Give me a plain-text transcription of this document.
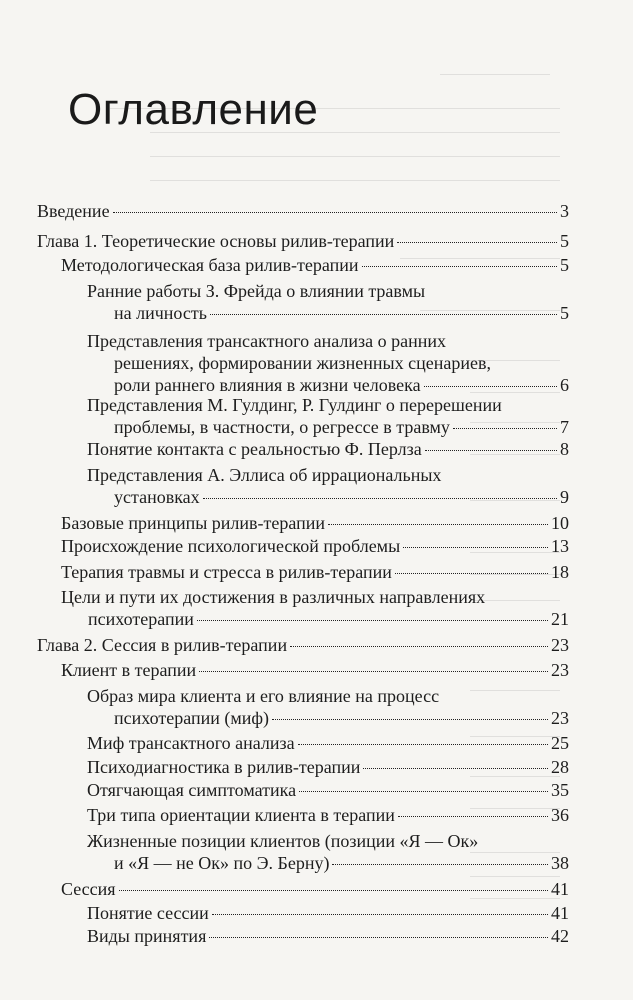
Оглавление
Введение	3
Глава 1. Теоретические основы рилив-терапии	5
Методологическая база рилив-терапии	5
Ранние работы З. Фрейда о влиянии травмы
на личность	5
Представления трансактного анализа о ранних
решениях, формировании жизненных сценариев,
роли раннего влияния в жизни человека	6
Представления М. Гулдинг, Р. Гулдинг о перерешении
проблемы, в частности, о регрессе в травму	7
Понятие контакта с реальностью Ф. Перлза	8
Представления А. Эллиса об иррациональных
установках	9
Базовые принципы рилив-терапии	10
Происхождение психологической проблемы	13
Терапия травмы и стресса в рилив-терапии	18
Цели и пути их достижения в различных направлениях
психотерапии	21
Глава 2. Сессия в рилив-терапии	23
Клиент в терапии	23
Образ мира клиента и его влияние на процесс
психотерапии (миф)	23
Миф трансактного анализа	25
Психодиагностика в рилив-терапии	28
Отягчающая симптоматика	35
Три типа ориентации клиента в терапии	36
Жизненные позиции клиентов (позиции «Я — Ок»
и «Я — не Ок» по Э. Берну)	38
Сессия	41
Понятие сессии	41
Виды принятия	42
